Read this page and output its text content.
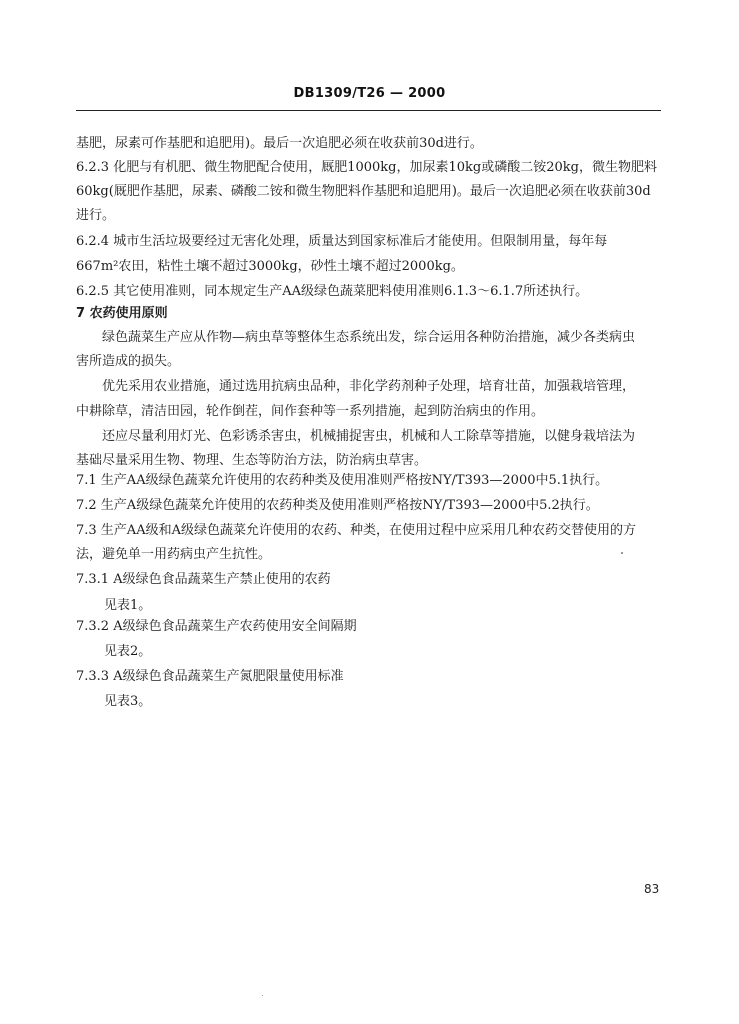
DB1309/T26 — 2000
基肥，尿素可作基肥和追肥用)。最后一次追肥必须在收获前30d进行。
6.2.3 化肥与有机肥、微生物肥配合使用，厩肥1000kg，加尿素10kg或磷酸二铵20kg，微生物肥料
60kg(厩肥作基肥，尿素、磷酸二铵和微生物肥料作基肥和追肥用)。最后一次追肥必须在收获前30d
进行。
6.2.4 城市生活垃圾要经过无害化处理，质量达到国家标准后才能使用。但限制用量，每年每
667m²农田，粘性土壤不超过3000kg，砂性土壤不超过2000kg。
6.2.5 其它使用准则，同本规定生产AA级绿色蔬菜肥料使用准则6.1.3～6.1.7所述执行。
7 农药使用原则
绿色蔬菜生产应从作物—病虫草等整体生态系统出发，综合运用各种防治措施，减少各类病虫
害所造成的损失。
优先采用农业措施，通过选用抗病虫品种，非化学药剂种子处理，培育壮苗，加强栽培管理，
中耕除草，清洁田园，轮作倒茬，间作套种等一系列措施，起到防治病虫的作用。
还应尽量利用灯光、色彩诱杀害虫，机械捕捉害虫，机械和人工除草等措施，以健身栽培法为
基础尽量采用生物、物理、生态等防治方法，防治病虫草害。
7.1 生产AA级绿色蔬菜允许使用的农药种类及使用准则严格按NY/T393—2000中5.1执行。
7.2 生产A级绿色蔬菜允许使用的农药种类及使用准则严格按NY/T393—2000中5.2执行。
7.3 生产AA级和A级绿色蔬菜允许使用的农药、种类，在使用过程中应采用几种农药交替使用的方
法，避免单一用药病虫产生抗性。
7.3.1 A级绿色食品蔬菜生产禁止使用的农药
见表1。
7.3.2 A级绿色食品蔬菜生产农药使用安全间隔期
见表2。
7.3.3 A级绿色食品蔬菜生产氮肥限量使用标准
见表3。
83
